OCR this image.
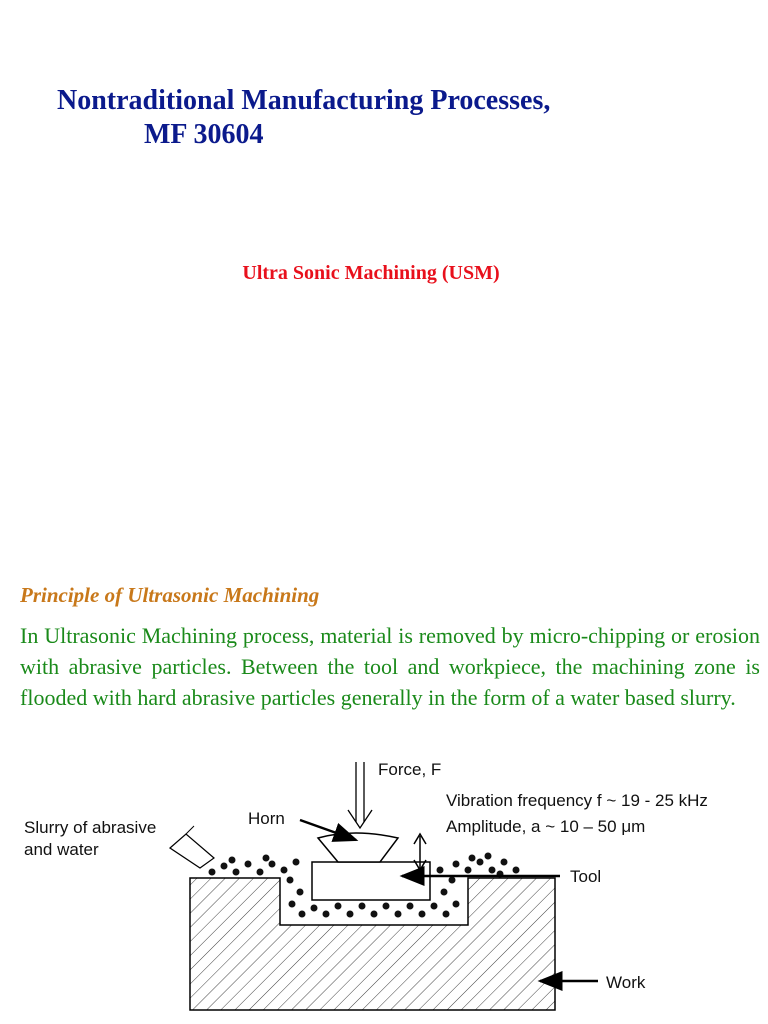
Nontraditional Manufacturing Processes,
MF 30604
Ultra Sonic Machining (USM)
Principle of Ultrasonic Machining

In Ultrasonic Machining process, material is removed by micro-chipping or erosion with abrasive particles. Between the tool and workpiece, the machining zone is flooded with hard abrasive particles generally in the form of a water based slurry.

Force, F
Horn
Slurry of abrasive
and water
Vibration frequency f ~ 19 - 25 kHz
Amplitude, a ~ 10 – 50 μm
Tool
Work
